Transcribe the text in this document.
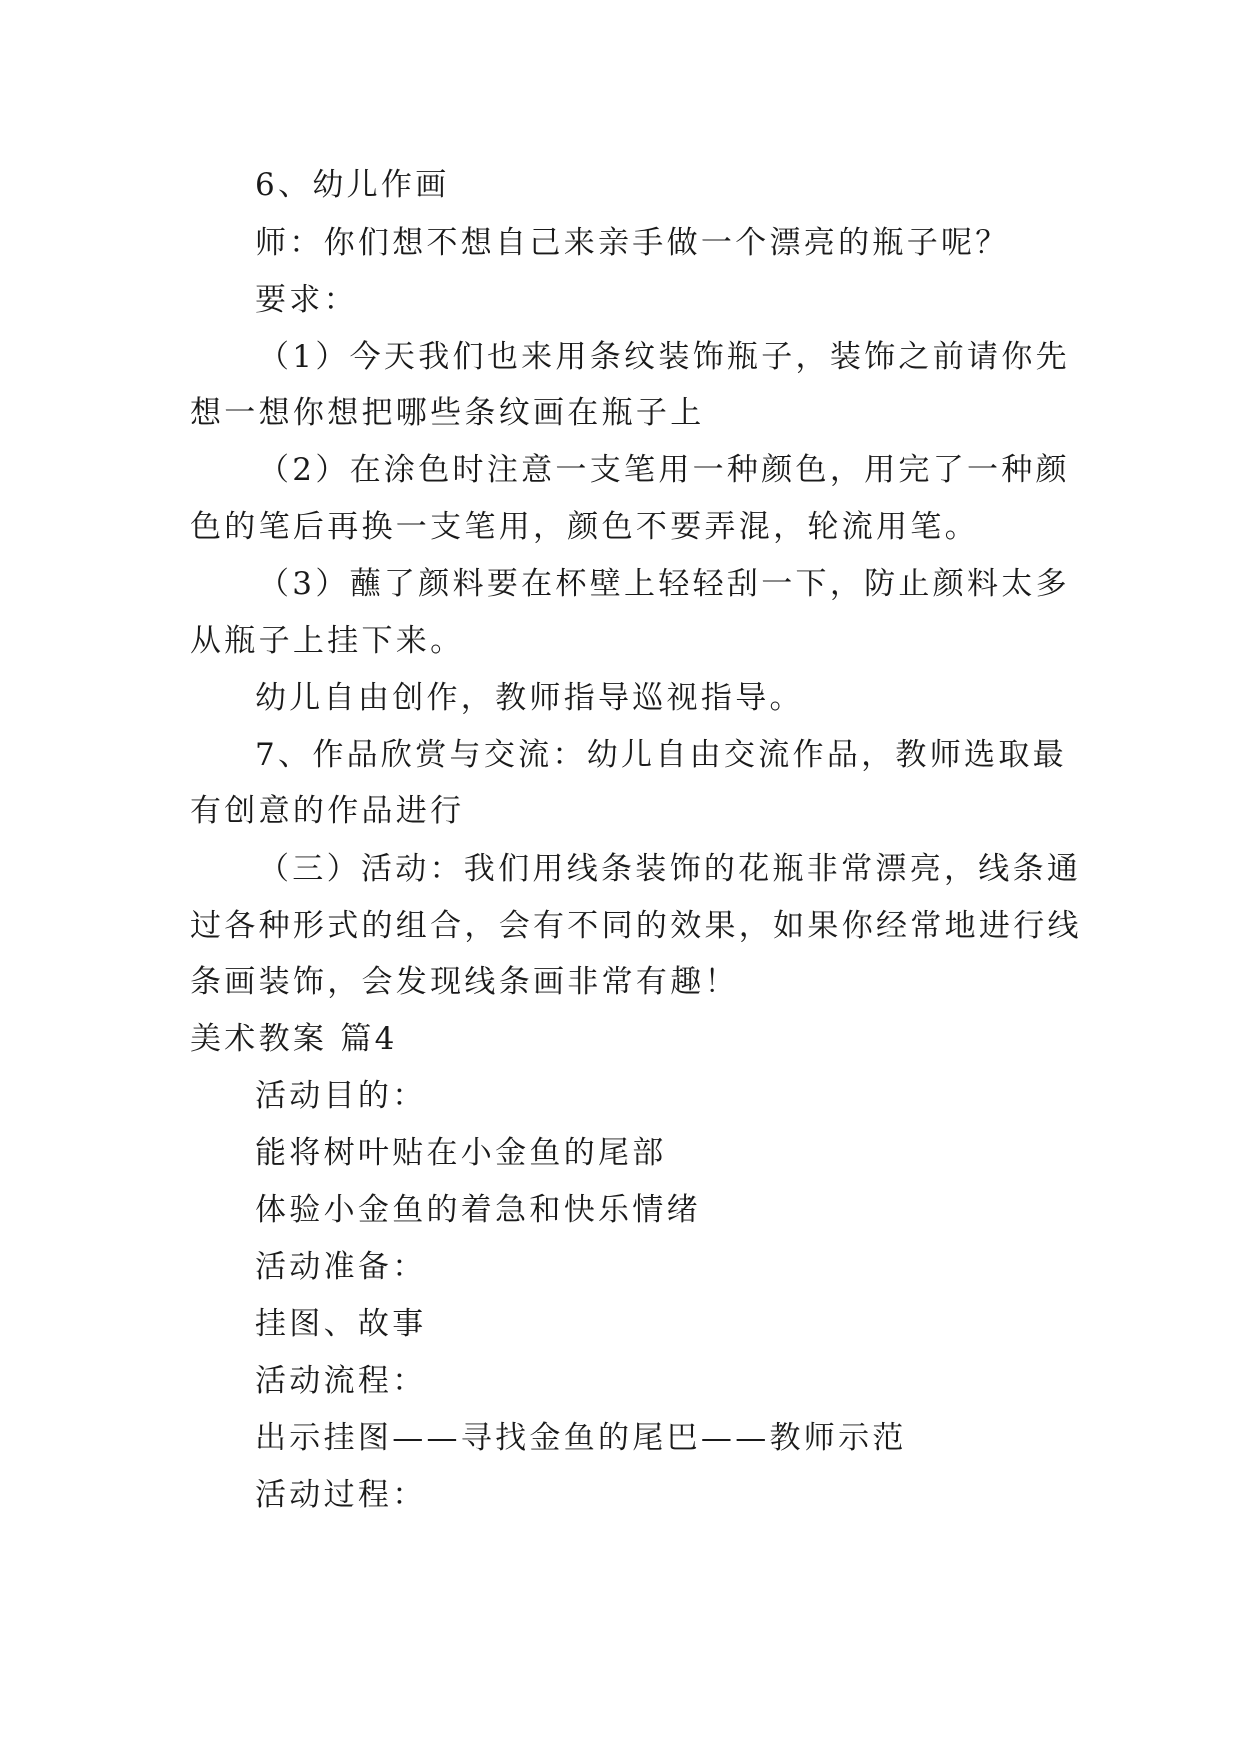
6、幼儿作画
师：你们想不想自己来亲手做一个漂亮的瓶子呢？
要求：
（1）今天我们也来用条纹装饰瓶子，装饰之前请你先
想一想你想把哪些条纹画在瓶子上
（2）在涂色时注意一支笔用一种颜色，用完了一种颜
色的笔后再换一支笔用，颜色不要弄混，轮流用笔。
（3）蘸了颜料要在杯壁上轻轻刮一下，防止颜料太多
从瓶子上挂下来。
幼儿自由创作，教师指导巡视指导。
7、作品欣赏与交流：幼儿自由交流作品，教师选取最
有创意的作品进行
（三）活动：我们用线条装饰的花瓶非常漂亮，线条通
过各种形式的组合，会有不同的效果，如果你经常地进行线
条画装饰，会发现线条画非常有趣！
美术教案 篇4
活动目的：
能将树叶贴在小金鱼的尾部
体验小金鱼的着急和快乐情绪
活动准备：
挂图、故事
活动流程：
出示挂图——寻找金鱼的尾巴——教师示范
活动过程：
